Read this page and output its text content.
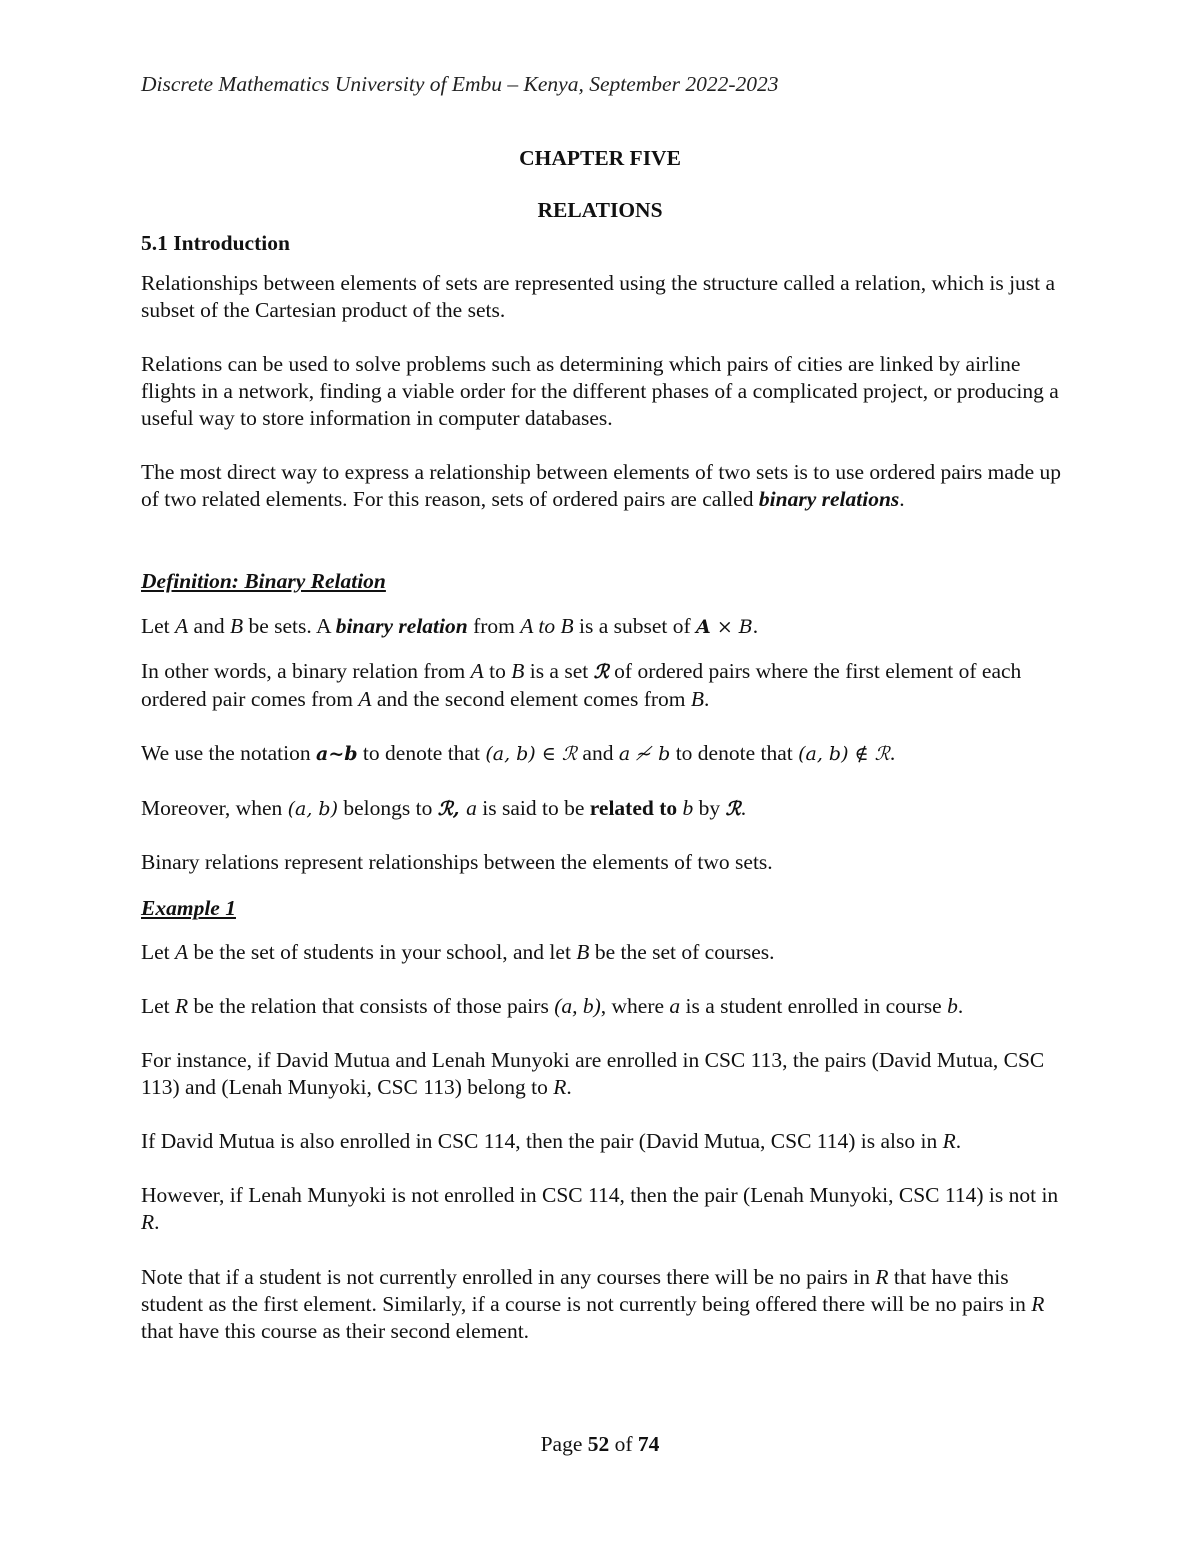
Discrete Mathematics University of Embu – Kenya, September 2022-2023

CHAPTER FIVE

RELATIONS

5.1 Introduction

Relationships between elements of sets are represented using the structure called a relation, which is just a subset of the Cartesian product of the sets.

Relations can be used to solve problems such as determining which pairs of cities are linked by airline flights in a network, finding a viable order for the different phases of a complicated project, or producing a useful way to store information in computer databases.

The most direct way to express a relationship between elements of two sets is to use ordered pairs made up of two related elements. For this reason, sets of ordered pairs are called binary relations.

Definition: Binary Relation

Let A and B be sets. A binary relation from A to B is a subset of A × B.

In other words, a binary relation from A to B is a set ℛ of ordered pairs where the first element of each ordered pair comes from A and the second element comes from B.

We use the notation a~b to denote that (a, b) ∈ ℛ and a ≁ b to denote that (a, b) ∉ ℛ.

Moreover, when (a, b) belongs to ℛ, a is said to be related to b by ℛ.

Binary relations represent relationships between the elements of two sets.

Example 1

Let A be the set of students in your school, and let B be the set of courses.

Let R be the relation that consists of those pairs (a, b), where a is a student enrolled in course b.

For instance, if David Mutua and Lenah Munyoki are enrolled in CSC 113, the pairs (David Mutua, CSC 113) and (Lenah Munyoki, CSC 113) belong to R.

If David Mutua is also enrolled in CSC 114, then the pair (David Mutua, CSC 114) is also in R.

However, if Lenah Munyoki is not enrolled in CSC 114, then the pair (Lenah Munyoki, CSC 114) is not in R.

Note that if a student is not currently enrolled in any courses there will be no pairs in R that have this student as the first element. Similarly, if a course is not currently being offered there will be no pairs in R that have this course as their second element.

Page 52 of 74
